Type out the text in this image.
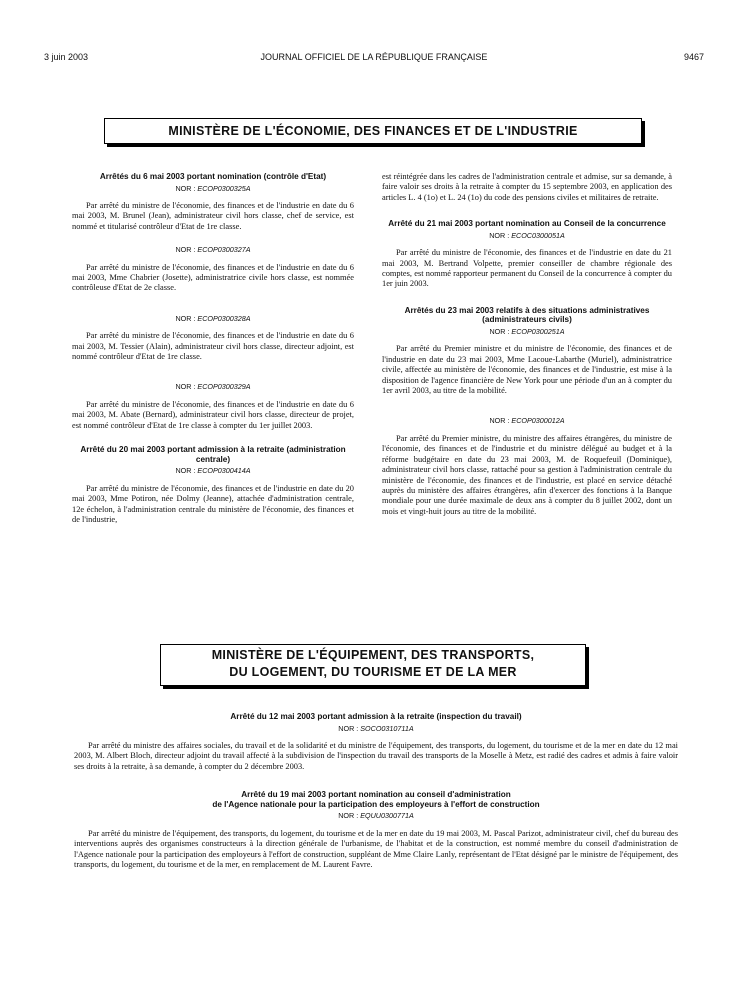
3 juin 2003	JOURNAL OFFICIEL DE LA RÉPUBLIQUE FRANÇAISE	9467
MINISTÈRE DE L'ÉCONOMIE, DES FINANCES ET DE L'INDUSTRIE
Arrêtés du 6 mai 2003 portant nomination (contrôle d'Etat)
NOR : ECOP0300325A

Par arrêté du ministre de l'économie, des finances et de l'industrie en date du 6 mai 2003, M. Brunel (Jean), administrateur civil hors classe, chef de service, est nommé et titularisé contrôleur d'Etat de 1re classe.

NOR : ECOP0300327A

Par arrêté du ministre de l'économie, des finances et de l'industrie en date du 6 mai 2003, Mme Chabrier (Josette), administratrice civile hors classe, est nommée contrôleuse d'Etat de 2e classe.

NOR : ECOP0300328A

Par arrêté du ministre de l'économie, des finances et de l'industrie en date du 6 mai 2003, M. Tessier (Alain), administrateur civil hors classe, directeur adjoint, est nommé contrôleur d'Etat de 1re classe.

NOR : ECOP0300329A

Par arrêté du ministre de l'économie, des finances et de l'industrie en date du 6 mai 2003, M. Abate (Bernard), administrateur civil hors classe, directeur de projet, est nommé contrôleur d'Etat de 1re classe à compter du 1er juillet 2003.

Arrêté du 20 mai 2003 portant admission à la retraite (administration centrale)
NOR : ECOP0300414A

Par arrêté du ministre de l'économie, des finances et de l'industrie en date du 20 mai 2003, Mme Potiron, née Dolmy (Jeanne), attachée d'administration centrale, 12e échelon, à l'administration centrale du ministère de l'économie, des finances et de l'industrie,

est réintégrée dans les cadres de l'administration centrale et admise, sur sa demande, à faire valoir ses droits à la retraite à compter du 15 septembre 2003, en application des articles L. 4 (1o) et L. 24 (1o) du code des pensions civiles et militaires de retraite.

Arrêté du 21 mai 2003 portant nomination au Conseil de la concurrence
NOR : ECOC0300051A

Par arrêté du ministre de l'économie, des finances et de l'industrie en date du 21 mai 2003, M. Bertrand Volpette, premier conseiller de chambre régionale des comptes, est nommé rapporteur permanent du Conseil de la concurrence à compter du 1er juin 2003.

Arrêtés du 23 mai 2003 relatifs à des situations administratives (administrateurs civils)
NOR : ECOP0300251A

Par arrêté du Premier ministre et du ministre de l'économie, des finances et de l'industrie en date du 23 mai 2003, Mme Lacoue-Labarthe (Muriel), administratrice civile, affectée au ministère de l'économie, des finances et de l'industrie, est mise à la disposition de l'agence financière de New York pour une période d'un an à compter du 1er avril 2003, au titre de la mobilité.

NOR : ECOP0300012A

Par arrêté du Premier ministre, du ministre des affaires étrangères, du ministre de l'économie, des finances et de l'industrie et du ministre délégué au budget et à la réforme budgétaire en date du 23 mai 2003, M. de Roquefeuil (Dominique), administrateur civil hors classe, rattaché pour sa gestion à l'administration centrale du ministère de l'économie, des finances et de l'industrie, est placé en service détaché auprès du ministère des affaires étrangères, afin d'exercer des fonctions à la Banque mondiale pour une durée maximale de deux ans à compter du 8 juillet 2002, dont un mois et vingt-huit jours au titre de la mobilité.

MINISTÈRE DE L'ÉQUIPEMENT, DES TRANSPORTS,
DU LOGEMENT, DU TOURISME ET DE LA MER
Arrêté du 12 mai 2003 portant admission à la retraite (inspection du travail)
NOR : SOCO0310711A

Par arrêté du ministre des affaires sociales, du travail et de la solidarité et du ministre de l'équipement, des transports, du logement, du tourisme et de la mer en date du 12 mai 2003, M. Albert Bloch, directeur adjoint du travail affecté à la subdivision de l'inspection du travail des transports de la Moselle à Metz, est radié des cadres et admis à faire valoir ses droits à la retraite, à sa demande, à compter du 2 décembre 2003.

Arrêté du 19 mai 2003 portant nomination au conseil d'administration
de l'Agence nationale pour la participation des employeurs à l'effort de construction
NOR : EQUU0300771A

Par arrêté du ministre de l'équipement, des transports, du logement, du tourisme et de la mer en date du 19 mai 2003, M. Pascal Parizot, administrateur civil, chef du bureau des interventions auprès des organismes constructeurs à la direction générale de l'urbanisme, de l'habitat et de la construction, est nommé membre du conseil d'administration de l'Agence nationale pour la participation des employeurs à l'effort de construction, suppléant de Mme Claire Lanly, représentant de l'Etat désigné par le ministre de l'équipement, des transports, du logement, du tourisme et de la mer, en remplacement de M. Laurent Favre.
